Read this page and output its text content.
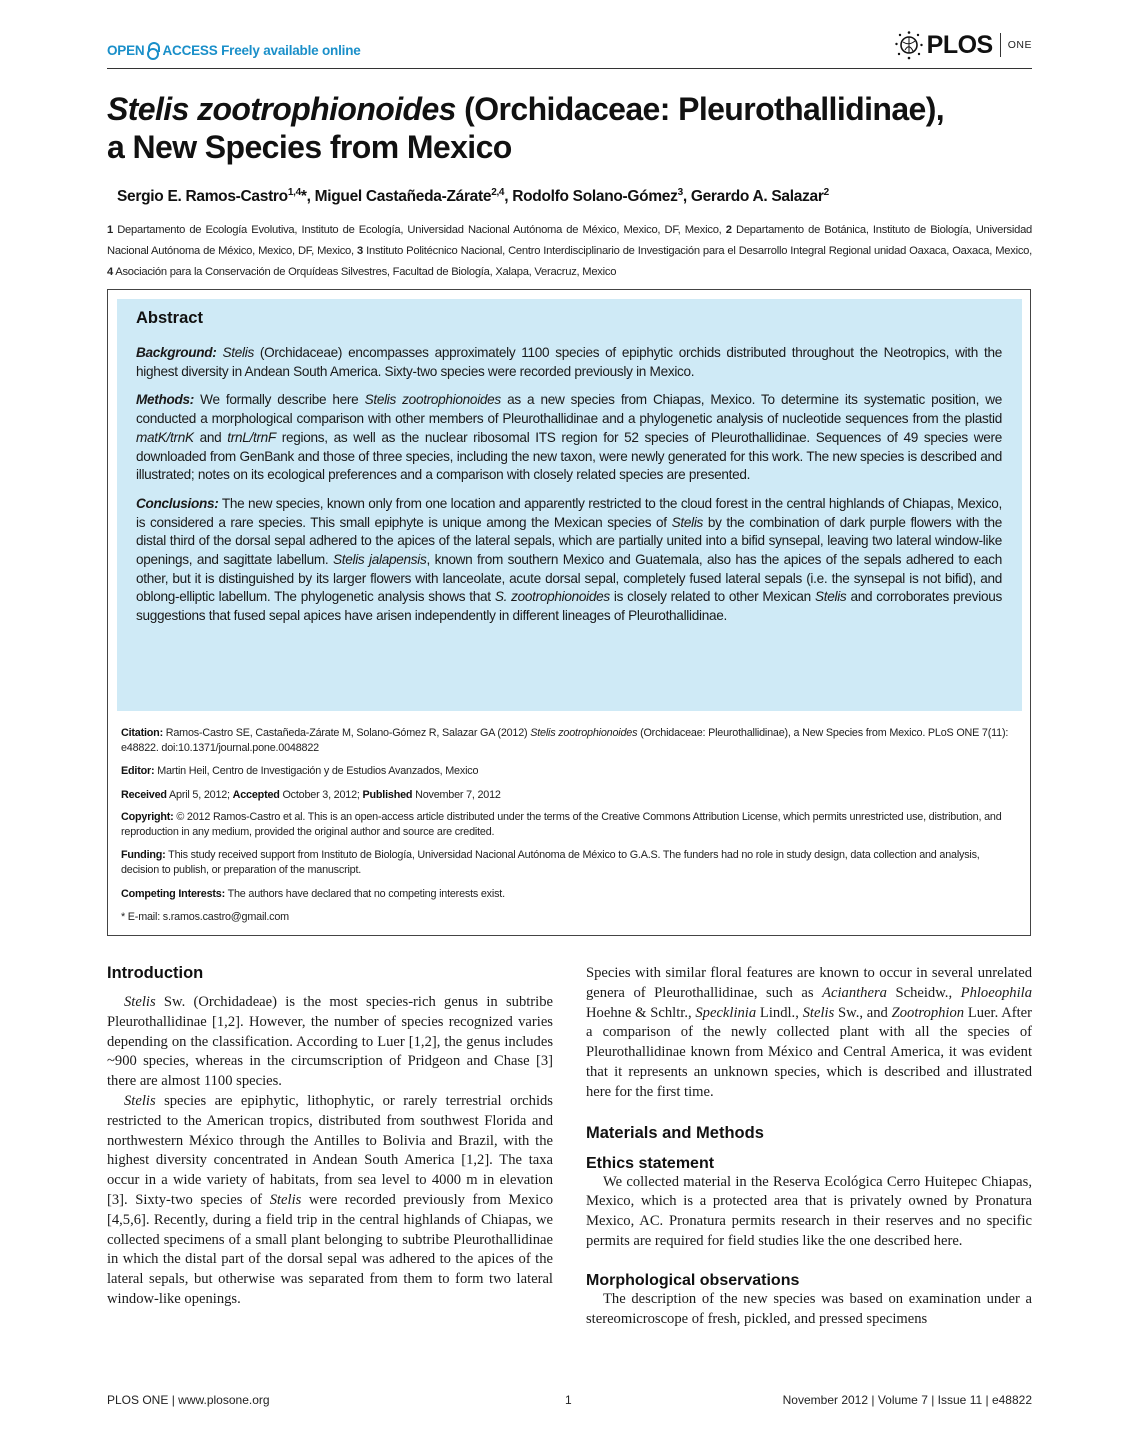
OPEN ACCESS Freely available online	PLOS ONE
Stelis zootrophionoides (Orchidaceae: Pleurothallidinae),
a New Species from Mexico
Sergio E. Ramos-Castro$^{1,4}$*, Miguel Castañeda-Zárate$^{2,4}$, Rodolfo Solano-Gómez$^3$, Gerardo A. Salazar$^2$
1 Departamento de Ecología Evolutiva, Instituto de Ecología, Universidad Nacional Autónoma de México, Mexico, DF, Mexico, 2 Departamento de Botánica, Instituto de Biología, Universidad Nacional Autónoma de México, Mexico, DF, Mexico, 3 Instituto Politécnico Nacional, Centro Interdisciplinario de Investigación para el Desarrollo Integral Regional unidad Oaxaca, Oaxaca, Mexico, 4 Asociación para la Conservación de Orquídeas Silvestres, Facultad de Biología, Xalapa, Veracruz, Mexico
Abstract

Background: Stelis (Orchidaceae) encompasses approximately 1100 species of epiphytic orchids distributed throughout the Neotropics, with the highest diversity in Andean South America. Sixty-two species were recorded previously in Mexico.

Methods: We formally describe here Stelis zootrophionoides as a new species from Chiapas, Mexico. To determine its systematic position, we conducted a morphological comparison with other members of Pleurothallidinae and a phylogenetic analysis of nucleotide sequences from the plastid matK/trnK and trnL/trnF regions, as well as the nuclear ribosomal ITS region for 52 species of Pleurothallidinae. Sequences of 49 species were downloaded from GenBank and those of three species, including the new taxon, were newly generated for this work. The new species is described and illustrated; notes on its ecological preferences and a comparison with closely related species are presented.

Conclusions: The new species, known only from one location and apparently restricted to the cloud forest in the central highlands of Chiapas, Mexico, is considered a rare species. This small epiphyte is unique among the Mexican species of Stelis by the combination of dark purple flowers with the distal third of the dorsal sepal adhered to the apices of the lateral sepals, which are partially united into a bifid synsepal, leaving two lateral window-like openings, and sagittate labellum. Stelis jalapensis, known from southern Mexico and Guatemala, also has the apices of the sepals adhered to each other, but it is distinguished by its larger flowers with lanceolate, acute dorsal sepal, completely fused lateral sepals (i.e. the synsepal is not bifid), and oblong-elliptic labellum. The phylogenetic analysis shows that S. zootrophionoides is closely related to other Mexican Stelis and corroborates previous suggestions that fused sepal apices have arisen independently in different lineages of Pleurothallidinae.

Citation: Ramos-Castro SE, Castañeda-Zárate M, Solano-Gómez R, Salazar GA (2012) Stelis zootrophionoides (Orchidaceae: Pleurothallidinae), a New Species from Mexico. PLoS ONE 7(11): e48822. doi:10.1371/journal.pone.0048822
Editor: Martin Heil, Centro de Investigación y de Estudios Avanzados, Mexico
Received April 5, 2012; Accepted October 3, 2012; Published November 7, 2012
Copyright: © 2012 Ramos-Castro et al. This is an open-access article distributed under the terms of the Creative Commons Attribution License, which permits unrestricted use, distribution, and reproduction in any medium, provided the original author and source are credited.
Funding: This study received support from Instituto de Biología, Universidad Nacional Autónoma de México to G.A.S. The funders had no role in study design, data collection and analysis, decision to publish, or preparation of the manuscript.
Competing Interests: The authors have declared that no competing interests exist.
* E-mail: s.ramos.castro@gmail.com
Introduction

Stelis Sw. (Orchidadeae) is the most species-rich genus in subtribe Pleurothallidinae [1,2]. However, the number of species recognized varies depending on the classification. According to Luer [1,2], the genus includes ~900 species, whereas in the circumscription of Pridgeon and Chase [3] there are almost 1100 species.

Stelis species are epiphytic, lithophytic, or rarely terrestrial orchids restricted to the American tropics, distributed from southwest Florida and northwestern México through the Antilles to Bolivia and Brazil, with the highest diversity concentrated in Andean South America [1,2]. The taxa occur in a wide variety of habitats, from sea level to 4000 m in elevation [3]. Sixty-two species of Stelis were recorded previously from Mexico [4,5,6]. Recently, during a field trip in the central highlands of Chiapas, we collected specimens of a small plant belonging to subtribe Pleurothallidinae in which the distal part of the dorsal sepal was adhered to the apices of the lateral sepals, but otherwise was separated from them to form two lateral window-like openings.

Species with similar floral features are known to occur in several unrelated genera of Pleurothallidinae, such as Acianthera Scheidw., Phloeophila Hoehne & Schltr., Specklinia Lindl., Stelis Sw., and Zootrophion Luer. After a comparison of the newly collected plant with all the species of Pleurothallidinae known from México and Central America, it was evident that it represents an unknown species, which is described and illustrated here for the first time.

Materials and Methods
Ethics statement

We collected material in the Reserva Ecológica Cerro Huitepec Chiapas, Mexico, which is a protected area that is privately owned by Pronatura Mexico, AC. Pronatura permits research in their reserves and no specific permits are required for field studies like the one described here.

Morphological observations

The description of the new species was based on examination under a stereomicroscope of fresh, pickled, and pressed specimens

PLOS ONE | www.plosone.org	1	November 2012 | Volume 7 | Issue 11 | e48822
